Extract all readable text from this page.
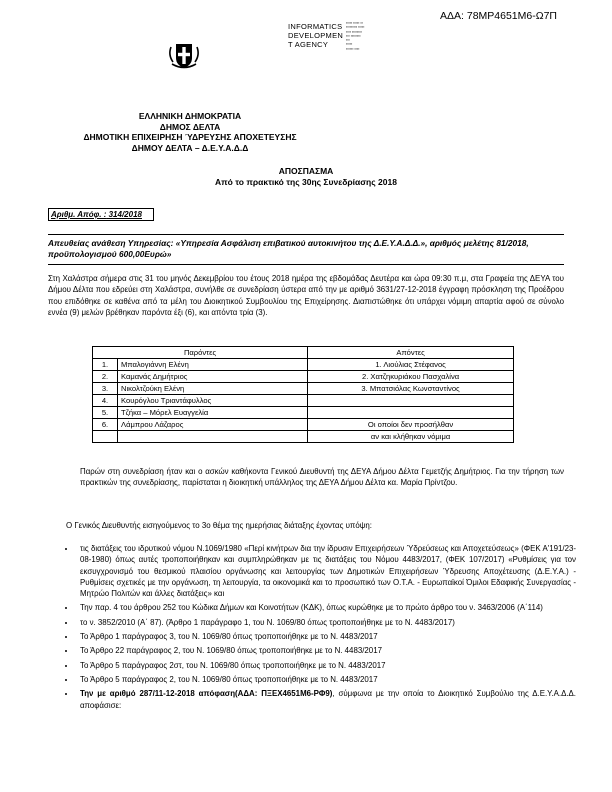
ΑΔΑ: 78ΜΡ4651Μ6-Ω7Π
INFORMATICS
DEVELOPMEN
T AGENCY
▪▪▪▪▪ ▪▪▪▪▪ ▪▪
▪▪▪▪▪▪▪▪▪ ▪▪▪▪▪
▪▪▪▪ ▪▪▪▪▪▪▪▪
▪▪▪ ▪▪▪▪▪▪▪▪
▪▪▪
▪▪▪▪▪
▪▪▪▪▪▪ ▪▪▪▪
ΕΛΛΗΝΙΚΗ ΔΗΜΟΚΡΑΤΙΑ
ΔΗΜΟΣ ΔΕΛΤΑ
ΔΗΜΟΤΙΚΗ ΕΠΙΧΕΙΡΗΣΗ ΎΔΡΕΥΣΗΣ ΑΠΟΧΕΤΕΥΣΗΣ
ΔΗΜΟΥ ΔΕΛΤΑ – Δ.Ε.Υ.Α.Δ.Δ
ΑΠΟΣΠΑΣΜΑ
Από το πρακτικό της 30ης Συνεδρίασης 2018
Αριθμ. Απόφ. : 314/2018
Απευθείας ανάθεση Υπηρεσίας: «Υπηρεσία Ασφάλιση επιβατικού αυτοκινήτου της Δ.Ε.Υ.Α.Δ.Δ.», αριθμός μελέτης 81/2018, προϋπολογισμού 600,00Ευρώ»
Στη Χαλάστρα σήμερα στις 31 του μηνός Δεκεμβρίου του έτους 2018 ημέρα της εβδομάδας Δευτέρα και ώρα 09:30 π.μ, στα Γραφεία της ΔΕΥΑ του Δήμου Δέλτα που εδρεύει στη Χαλάστρα, συνήλθε σε συνεδρίαση ύστερα από την με αριθμό 3631/27-12-2018 έγγραφη πρόσκληση της Προέδρου που επιδόθηκε σε καθένα από τα μέλη του Διοικητικού Συμβουλίου της Επιχείρησης. Διαπιστώθηκε ότι υπάρχει νόμιμη απαρτία αφού σε σύνολο εννέα (9) μελών βρέθηκαν παρόντα έξι (6), και απόντα τρία (3).
Παρόντες		Απόντες
1.	Μπαλογιάννη Ελένη	1. Λιούλιας Στέφανος
2.	Καμανάς Δημήτριος	2. Χατζηκυριάκου Πασχαλίνα
3.	Νικολτζούκη Ελένη	3. Μπατσιόλας Κωνσταντίνος
4.	Κουρόγλου Τριαντάφυλλος	
5.	Τζήκα – Μόρελ Ευαγγελία	
6.	Λάμπρου Λάζαρος	Οι οποίοι δεν προσήλθαν
		αν και κλήθηκαν νόμιμα
Παρών στη συνεδρίαση ήταν και ο ασκών καθήκοντα Γενικού Διευθυντή της ΔΕΥΑ Δήμου Δέλτα Γεμετζής Δημήτριος. Για την τήρηση των πρακτικών της συνεδρίασης, παρίσταται η διοικητική υπάλληλος της ΔΕΥΑ Δήμου Δέλτα κα. Μαρία Πρίντζου.
Ο Γενικός Διευθυντής εισηγούμενος το 3ο θέμα της ημερήσιας διάταξης έχοντας υπόψη:
• τις διατάξεις του ιδρυτικού νόμου Ν.1069/1980 «Περί κινήτρων δια την ίδρυσιν Επιχειρήσεων Ύδρεύσεως και Αποχετεύσεως» (ΦΕΚ Α'191/23-08-1980) όπως αυτές τροποποιήθηκαν και συμπληρώθηκαν με τις διατάξεις του Νόμου 4483/2017, (ΦΕΚ 107/2017) «Ρυθμίσεις για τον εκσυγχρονισμό του θεσμικού πλαισίου οργάνωσης και λειτουργίας των Δημοτικών Επιχειρήσεων Ύδρευσης Αποχέτευσης (Δ.Ε.Υ.Α.) - Ρυθμίσεις σχετικές με την οργάνωση, τη λειτουργία, τα οικονομικά και το προσωπικό των Ο.Τ.Α. - Ευρωπαϊκοί Όμιλοι Εδαφικής Συνεργασίας - Μητρώο Πολιτών και άλλες διατάξεις» και
• Την παρ. 4 του άρθρου 252 του Κώδικα Δήμων και Κοινοτήτων (ΚΔΚ), όπως κυρώθηκε με το πρώτο άρθρο του ν. 3463/2006 (Α΄114)
• το ν. 3852/2010 (Α΄ 87). (Άρθρο 1 παράγραφο 1, του Ν. 1069/80 όπως τροποποιήθηκε με το Ν. 4483/2017)
• Το Άρθρο 1 παράγραφος 3, του Ν. 1069/80 όπως τροποποιήθηκε με το Ν. 4483/2017
• Το Άρθρο 22 παράγραφος 2, του Ν. 1069/80 όπως τροποποιήθηκε με το Ν. 4483/2017
• Το Άρθρο 5 παράγραφος 2στ, του Ν. 1069/80 όπως τροποποιήθηκε με το Ν. 4483/2017
• Το Άρθρο 5 παράγραφος 2, του Ν. 1069/80 όπως τροποποιήθηκε με το Ν. 4483/2017
• Την με αριθμό 287/11-12-2018 απόφαση(ΑΔΑ: ΠΞΕΧ4651Μ6-ΡΦ9), σύμφωνα με την οποία το Διοικητικό Συμβούλιο της Δ.Ε.Υ.Α.Δ.Δ. αποφάσισε:
